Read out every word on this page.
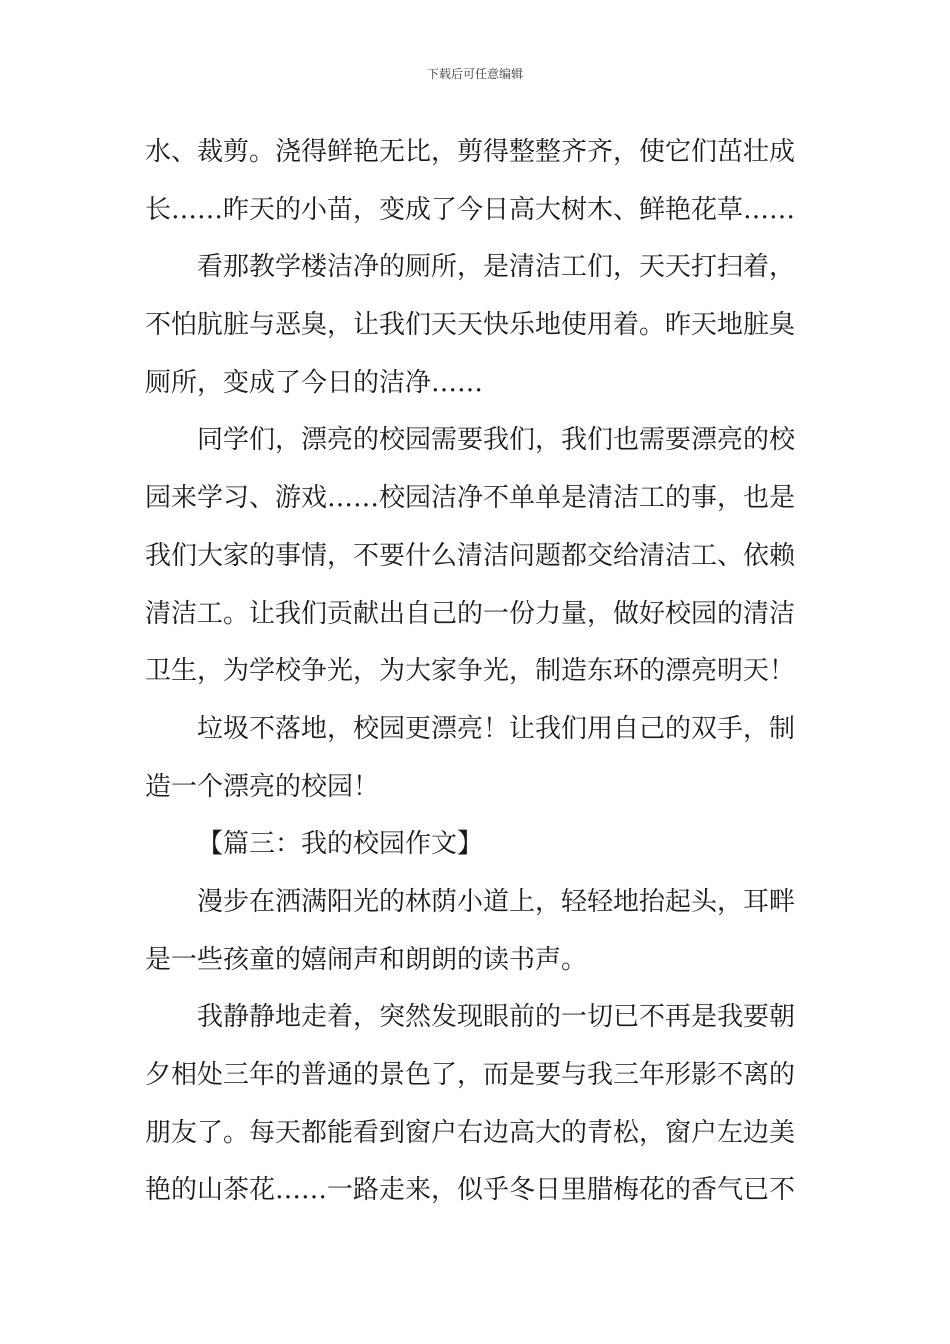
下载后可任意编辑
水、裁剪。浇得鲜艳无比，剪得整整齐齐，使它们茁壮成
长……昨天的小苗，变成了今日高大树木、鲜艳花草……
看那教学楼洁净的厕所，是清洁工们，天天打扫着，
不怕肮脏与恶臭，让我们天天快乐地使用着。昨天地脏臭
厕所，变成了今日的洁净……
同学们，漂亮的校园需要我们，我们也需要漂亮的校
园来学习、游戏……校园洁净不单单是清洁工的事，也是
我们大家的事情，不要什么清洁问题都交给清洁工、依赖
清洁工。让我们贡献出自己的一份力量，做好校园的清洁
卫生，为学校争光，为大家争光，制造东环的漂亮明天！
垃圾不落地，校园更漂亮！让我们用自己的双手，制
造一个漂亮的校园！
【篇三：我的校园作文】
漫步在洒满阳光的林荫小道上，轻轻地抬起头，耳畔
是一些孩童的嬉闹声和朗朗的读书声。
我静静地走着，突然发现眼前的一切已不再是我要朝
夕相处三年的普通的景色了，而是要与我三年形影不离的
朋友了。每天都能看到窗户右边高大的青松，窗户左边美
艳的山茶花……一路走来，似乎冬日里腊梅花的香气已不
